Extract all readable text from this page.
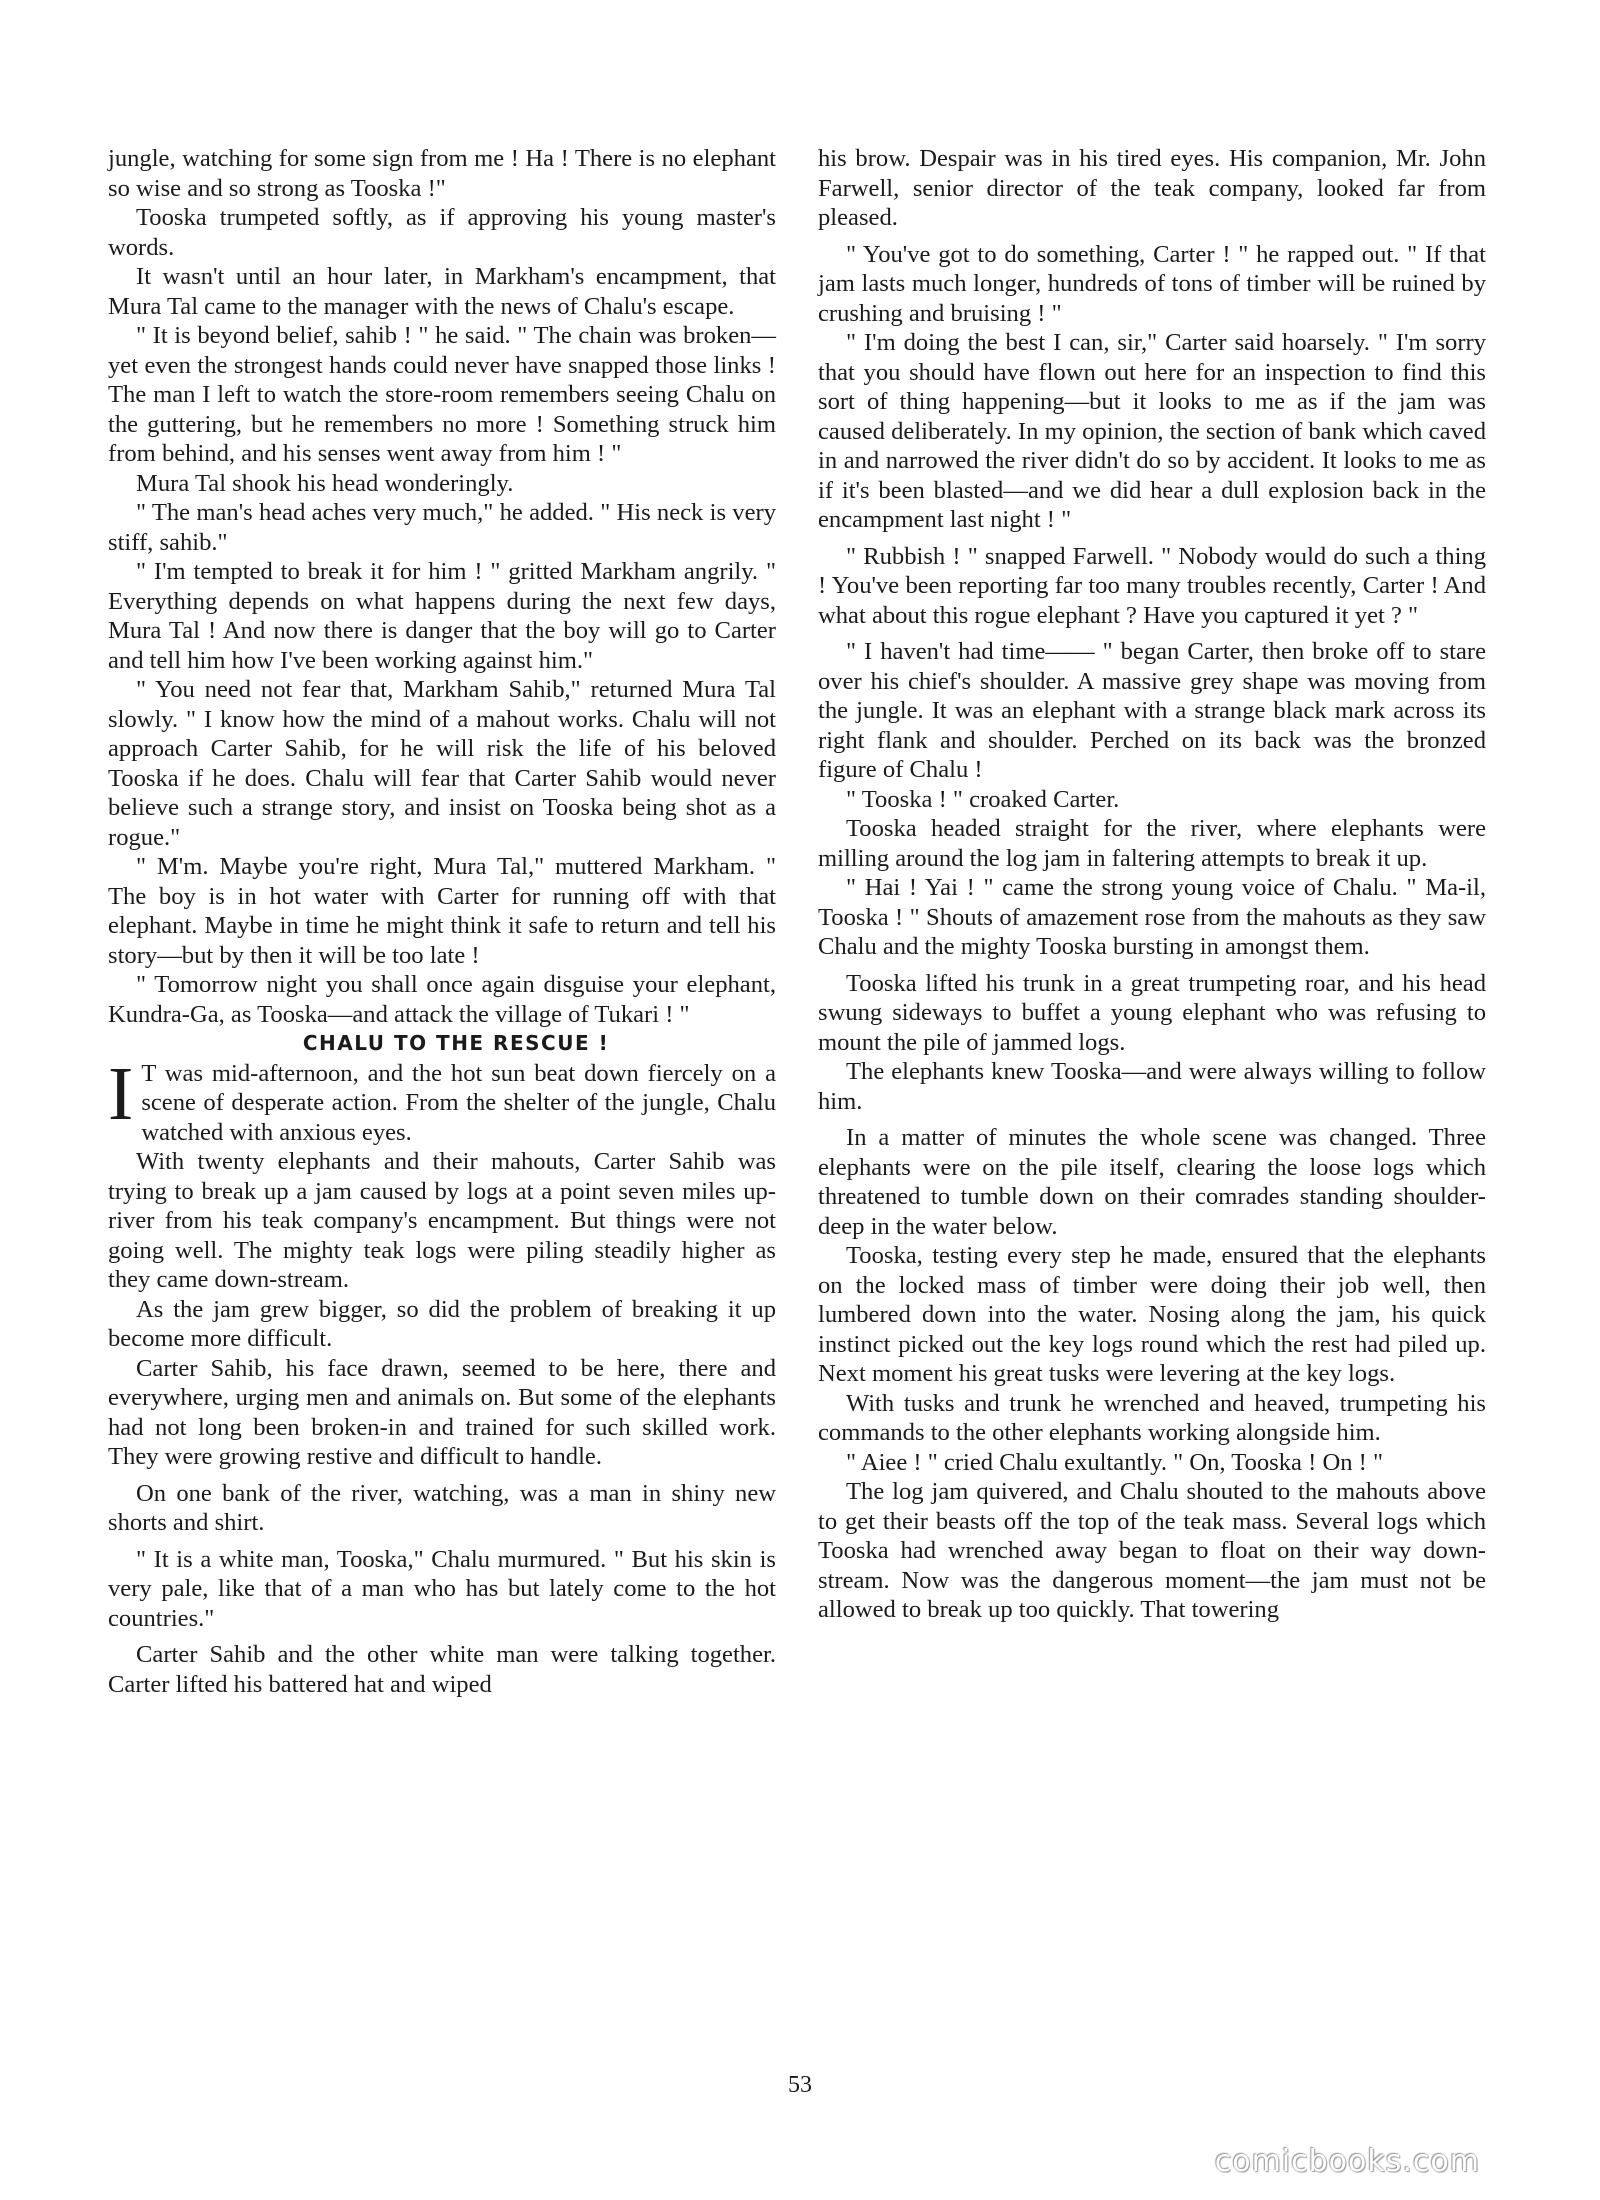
jungle, watching for some sign from me ! Ha ! There is no elephant so wise and so strong as Tooska !"

Tooska trumpeted softly, as if approving his young master's words.

It wasn't until an hour later, in Markham's encampment, that Mura Tal came to the manager with the news of Chalu's escape.

" It is beyond belief, sahib ! " he said. " The chain was broken—yet even the strongest hands could never have snapped those links ! The man I left to watch the store-room remembers seeing Chalu on the guttering, but he remembers no more ! Something struck him from behind, and his senses went away from him ! "

Mura Tal shook his head wonderingly.

" The man's head aches very much," he added. " His neck is very stiff, sahib."

" I'm tempted to break it for him ! " gritted Markham angrily. " Everything depends on what happens during the next few days, Mura Tal ! And now there is danger that the boy will go to Carter and tell him how I've been working against him."

" You need not fear that, Markham Sahib," returned Mura Tal slowly. " I know how the mind of a mahout works. Chalu will not approach Carter Sahib, for he will risk the life of his beloved Tooska if he does. Chalu will fear that Carter Sahib would never believe such a strange story, and insist on Tooska being shot as a rogue."

" M'm. Maybe you're right, Mura Tal," muttered Markham. " The boy is in hot water with Carter for running off with that elephant. Maybe in time he might think it safe to return and tell his story—but by then it will be too late !

" Tomorrow night you shall once again disguise your elephant, Kundra-Ga, as Tooska—and attack the village of Tukari ! "

CHALU TO THE RESCUE !

I T was mid-afternoon, and the hot sun beat down fiercely on a scene of desperate action. From the shelter of the jungle, Chalu watched with anxious eyes.

With twenty elephants and their mahouts, Carter Sahib was trying to break up a jam caused by logs at a point seven miles up-river from his teak company's encampment. But things were not going well. The mighty teak logs were piling steadily higher as they came down-stream.

As the jam grew bigger, so did the problem of breaking it up become more difficult.

Carter Sahib, his face drawn, seemed to be here, there and everywhere, urging men and animals on. But some of the elephants had not long been broken-in and trained for such skilled work. They were growing restive and difficult to handle.

On one bank of the river, watching, was a man in shiny new shorts and shirt.

" It is a white man, Tooska," Chalu murmured. " But his skin is very pale, like that of a man who has but lately come to the hot countries."

Carter Sahib and the other white man were talking together. Carter lifted his battered hat and wiped

his brow. Despair was in his tired eyes. His companion, Mr. John Farwell, senior director of the teak company, looked far from pleased.

" You've got to do something, Carter ! " he rapped out. " If that jam lasts much longer, hundreds of tons of timber will be ruined by crushing and bruising ! "

" I'm doing the best I can, sir," Carter said hoarsely. " I'm sorry that you should have flown out here for an inspection to find this sort of thing happening—but it looks to me as if the jam was caused deliberately. In my opinion, the section of bank which caved in and narrowed the river didn't do so by accident. It looks to me as if it's been blasted—and we did hear a dull explosion back in the encampment last night ! "

" Rubbish ! " snapped Farwell. " Nobody would do such a thing ! You've been reporting far too many troubles recently, Carter ! And what about this rogue elephant ? Have you captured it yet ? "

" I haven't had time—— " began Carter, then broke off to stare over his chief's shoulder. A massive grey shape was moving from the jungle. It was an elephant with a strange black mark across its right flank and shoulder. Perched on its back was the bronzed figure of Chalu !

" Tooska ! " croaked Carter.

Tooska headed straight for the river, where elephants were milling around the log jam in faltering attempts to break it up.

" Hai ! Yai ! " came the strong young voice of Chalu. " Ma-il, Tooska ! " Shouts of amazement rose from the mahouts as they saw Chalu and the mighty Tooska bursting in amongst them.

Tooska lifted his trunk in a great trumpeting roar, and his head swung sideways to buffet a young elephant who was refusing to mount the pile of jammed logs.

The elephants knew Tooska—and were always willing to follow him.

In a matter of minutes the whole scene was changed. Three elephants were on the pile itself, clearing the loose logs which threatened to tumble down on their comrades standing shoulder-deep in the water below.

Tooska, testing every step he made, ensured that the elephants on the locked mass of timber were doing their job well, then lumbered down into the water. Nosing along the jam, his quick instinct picked out the key logs round which the rest had piled up. Next moment his great tusks were levering at the key logs.

With tusks and trunk he wrenched and heaved, trumpeting his commands to the other elephants working alongside him.

" Aiee ! " cried Chalu exultantly. " On, Tooska ! On ! "

The log jam quivered, and Chalu shouted to the mahouts above to get their beasts off the top of the teak mass. Several logs which Tooska had wrenched away began to float on their way down-stream. Now was the dangerous moment—the jam must not be allowed to break up too quickly. That towering

53
comicbooks.com
